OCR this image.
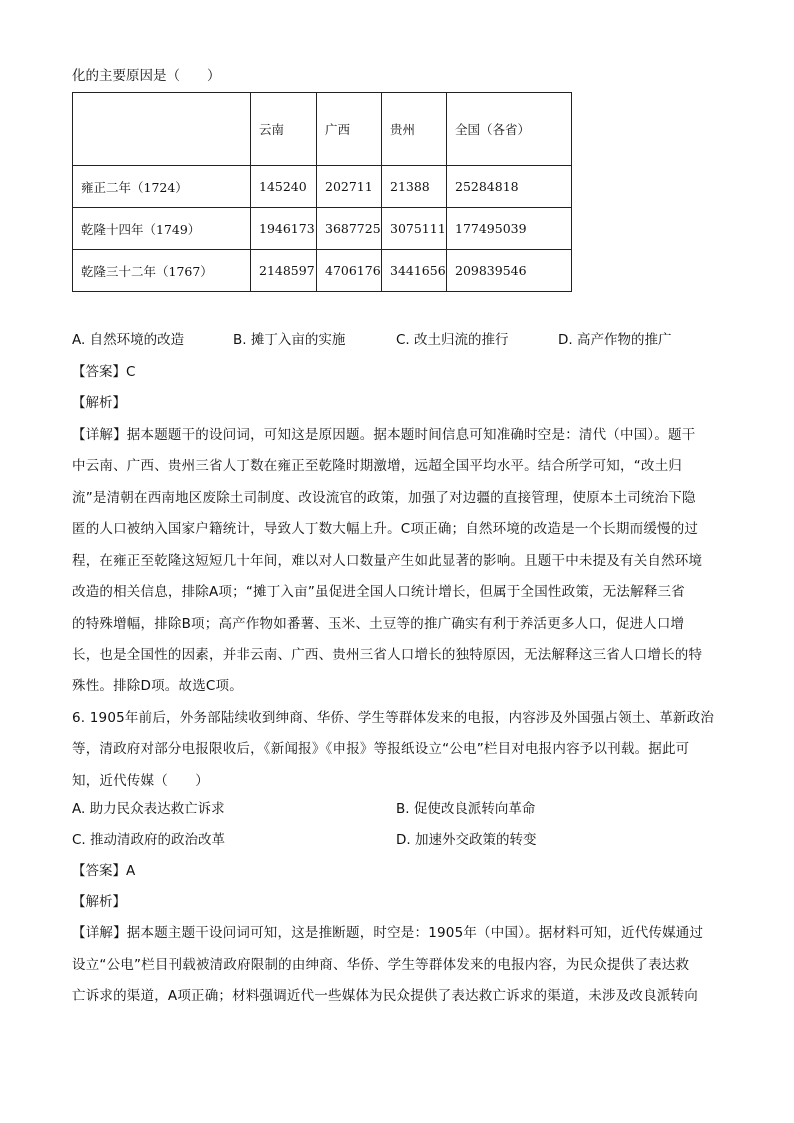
化的主要原因是（　　）
	云南	广西	贵州	全国（各省）
雍正二年（1724）	145240	202711	21388	25284818
乾隆十四年（1749）	1946173	3687725	3075111	177495039
乾隆三十二年（1767）	2148597	4706176	3441656	209839546
A. 自然环境的改造	B. 摊丁入亩的实施	C. 改土归流的推行	D. 高产作物的推广
【答案】C
【解析】
【详解】据本题题干的设问词，可知这是原因题。据本题时间信息可知准确时空是：清代（中国）。题干
中云南、广西、贵州三省人丁数在雍正至乾隆时期激增，远超全国平均水平。结合所学可知，“改土归
流”是清朝在西南地区废除土司制度、改设流官的政策，加强了对边疆的直接管理，使原本土司统治下隐
匿的人口被纳入国家户籍统计，导致人丁数大幅上升。C项正确；自然环境的改造是一个长期而缓慢的过
程，在雍正至乾隆这短短几十年间，难以对人口数量产生如此显著的影响。且题干中未提及有关自然环境
改造的相关信息，排除A项；“摊丁入亩”虽促进全国人口统计增长，但属于全国性政策，无法解释三省
的特殊增幅，排除B项；高产作物如番薯、玉米、土豆等的推广确实有利于养活更多人口，促进人口增
长，也是全国性的因素，并非云南、广西、贵州三省人口增长的独特原因，无法解释这三省人口增长的特
殊性。排除D项。故选C项。
6. 1905年前后，外务部陆续收到绅商、华侨、学生等群体发来的电报，内容涉及外国强占领土、革新政治
等，清政府对部分电报限收后，《新闻报》《申报》等报纸设立“公电”栏目对电报内容予以刊载。据此可
知，近代传媒（　　）
A. 助力民众表达救亡诉求	B. 促使改良派转向革命
C. 推动清政府的政治改革	D. 加速外交政策的转变
【答案】A
【解析】
【详解】据本题主题干设问词可知，这是推断题，时空是：1905年（中国）。据材料可知，近代传媒通过
设立“公电”栏目刊载被清政府限制的由绅商、华侨、学生等群体发来的电报内容，为民众提供了表达救
亡诉求的渠道，A项正确；材料强调近代一些媒体为民众提供了表达救亡诉求的渠道，未涉及改良派转向
